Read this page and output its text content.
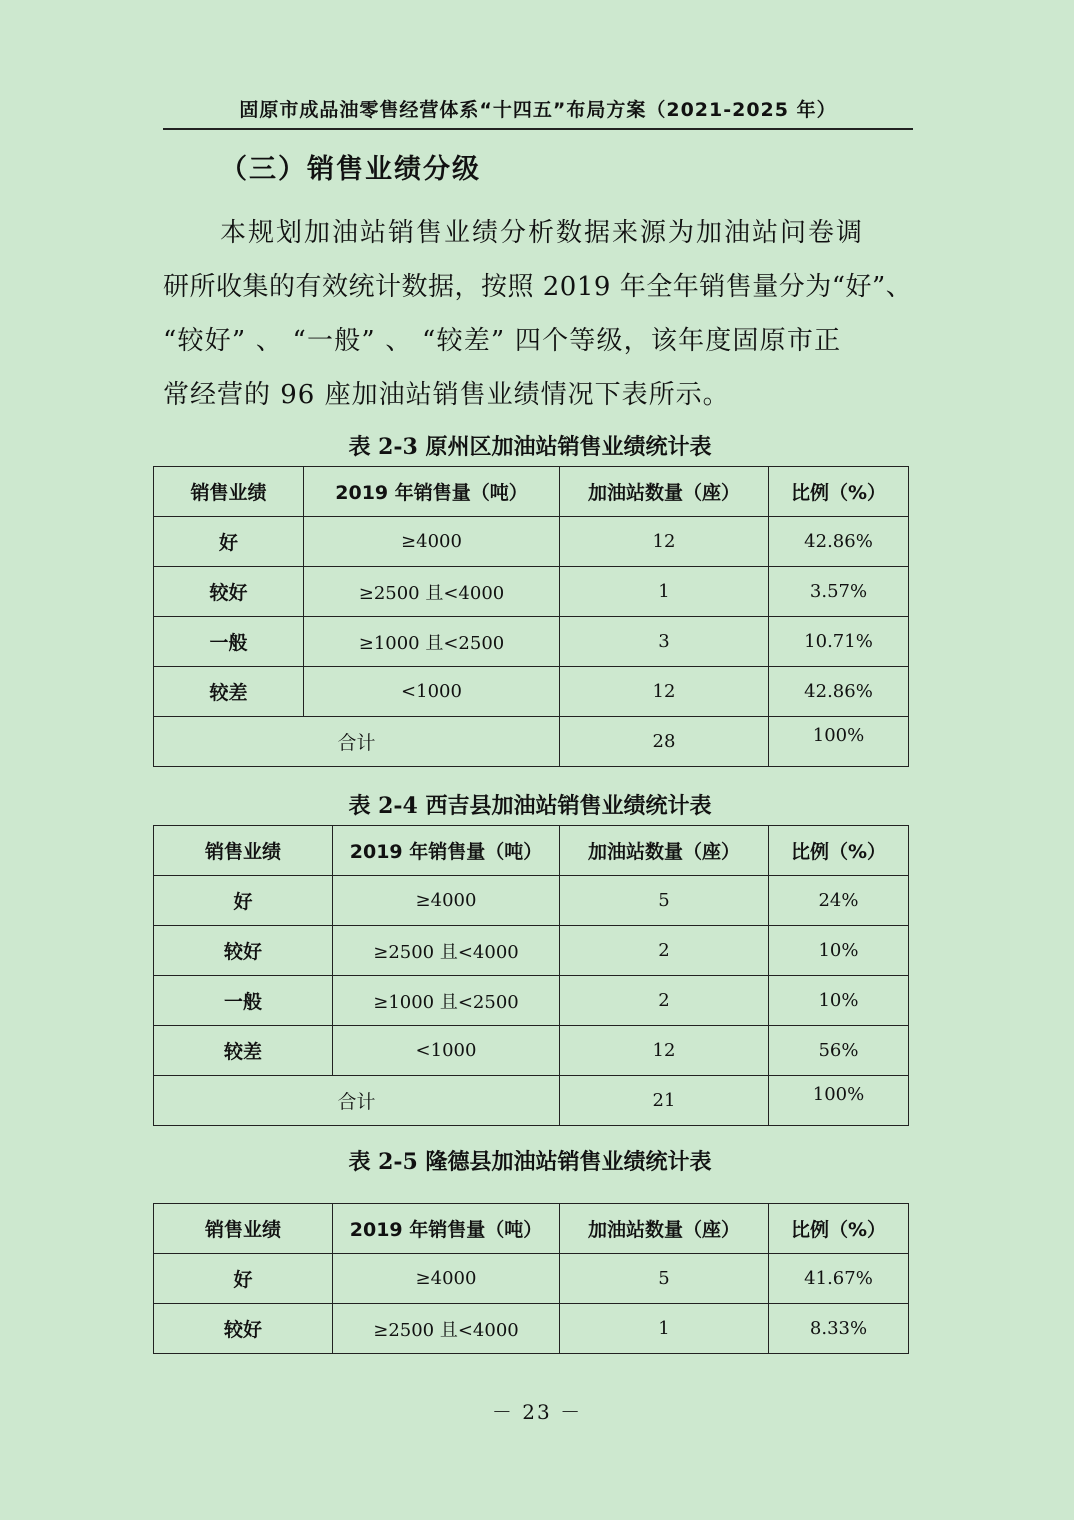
固原市成品油零售经营体系“十四五”布局方案（2021-2025 年）
（三）销售业绩分级
本规划加油站销售业绩分析数据来源为加油站问卷调
研所收集的有效统计数据，按照 2019 年全年销售量分为“好”、
“较好” 、 “一般” 、 “较差” 四个等级，该年度固原市正
常经营的 96 座加油站销售业绩情况下表所示。
表 2-3 原州区加油站销售业绩统计表
销售业绩	2019 年销售量（吨）	加油站数量（座）	比例（%）
好	≥4000	12	42.86%
较好	≥2500 且<4000	1	3.57%
一般	≥1000 且<2500	3	10.71%
较差	<1000	12	42.86%
合计		28	100%
表 2-4 西吉县加油站销售业绩统计表
销售业绩	2019 年销售量（吨）	加油站数量（座）	比例（%）
好	≥4000	5	24%
较好	≥2500 且<4000	2	10%
一般	≥1000 且<2500	2	10%
较差	<1000	12	56%
合计		21	100%
表 2-5 隆德县加油站销售业绩统计表
销售业绩	2019 年销售量（吨）	加油站数量（座）	比例（%）
好	≥4000	5	41.67%
较好	≥2500 且<4000	1	8.33%
－ 23 －
